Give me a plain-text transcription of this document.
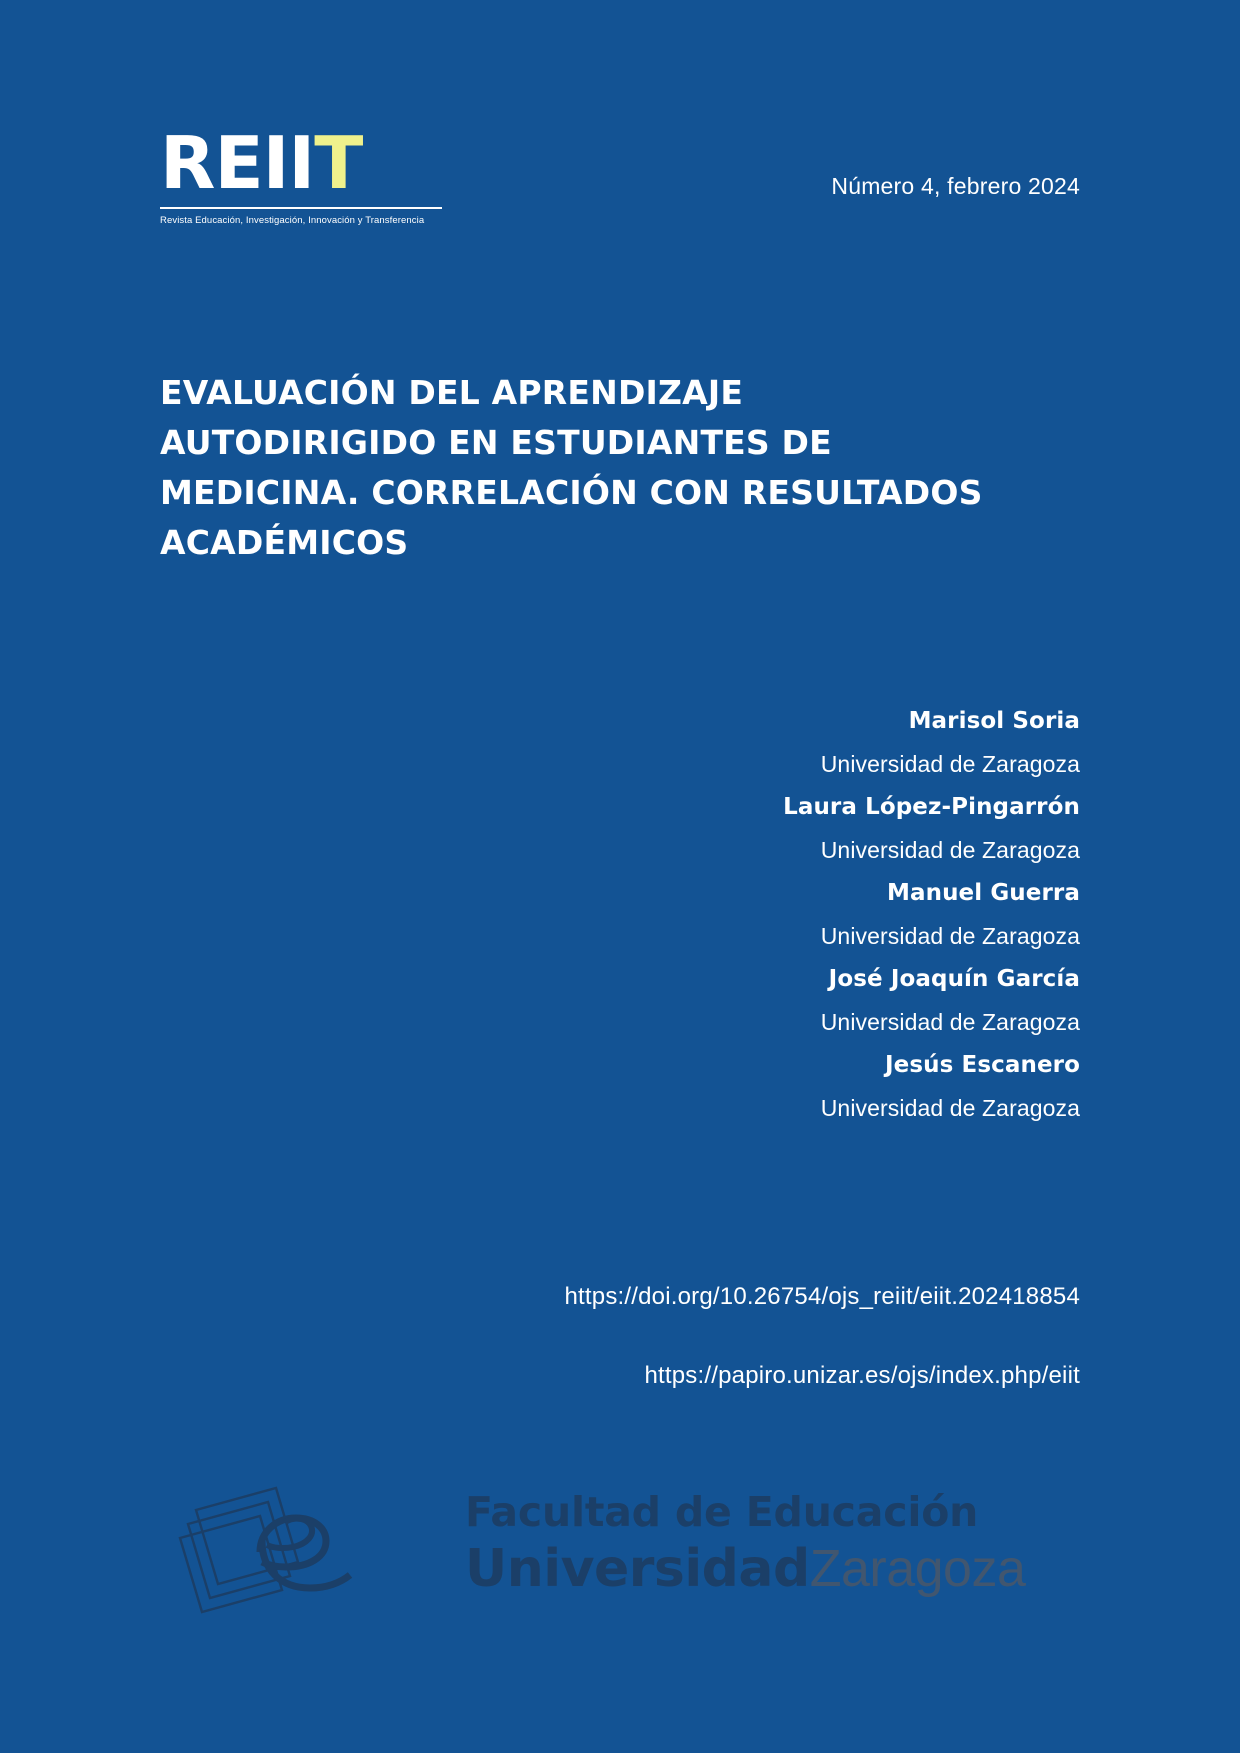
REIIT
Revista Educación, Investigación, Innovación y Transferencia
Número 4, febrero 2024
EVALUACIÓN DEL APRENDIZAJE AUTODIRIGIDO EN ESTUDIANTES DE MEDICINA. CORRELACIÓN CON RESULTADOS ACADÉMICOS
Marisol Soria
Universidad de Zaragoza
Laura López-Pingarrón
Universidad de Zaragoza
Manuel Guerra
Universidad de Zaragoza
José Joaquín García
Universidad de Zaragoza
Jesús Escanero
Universidad de Zaragoza
https://doi.org/10.26754/ojs_reiit/eiit.202418854
https://papiro.unizar.es/ojs/index.php/eiit
Facultad de Educación
UniversidadZaragoza
